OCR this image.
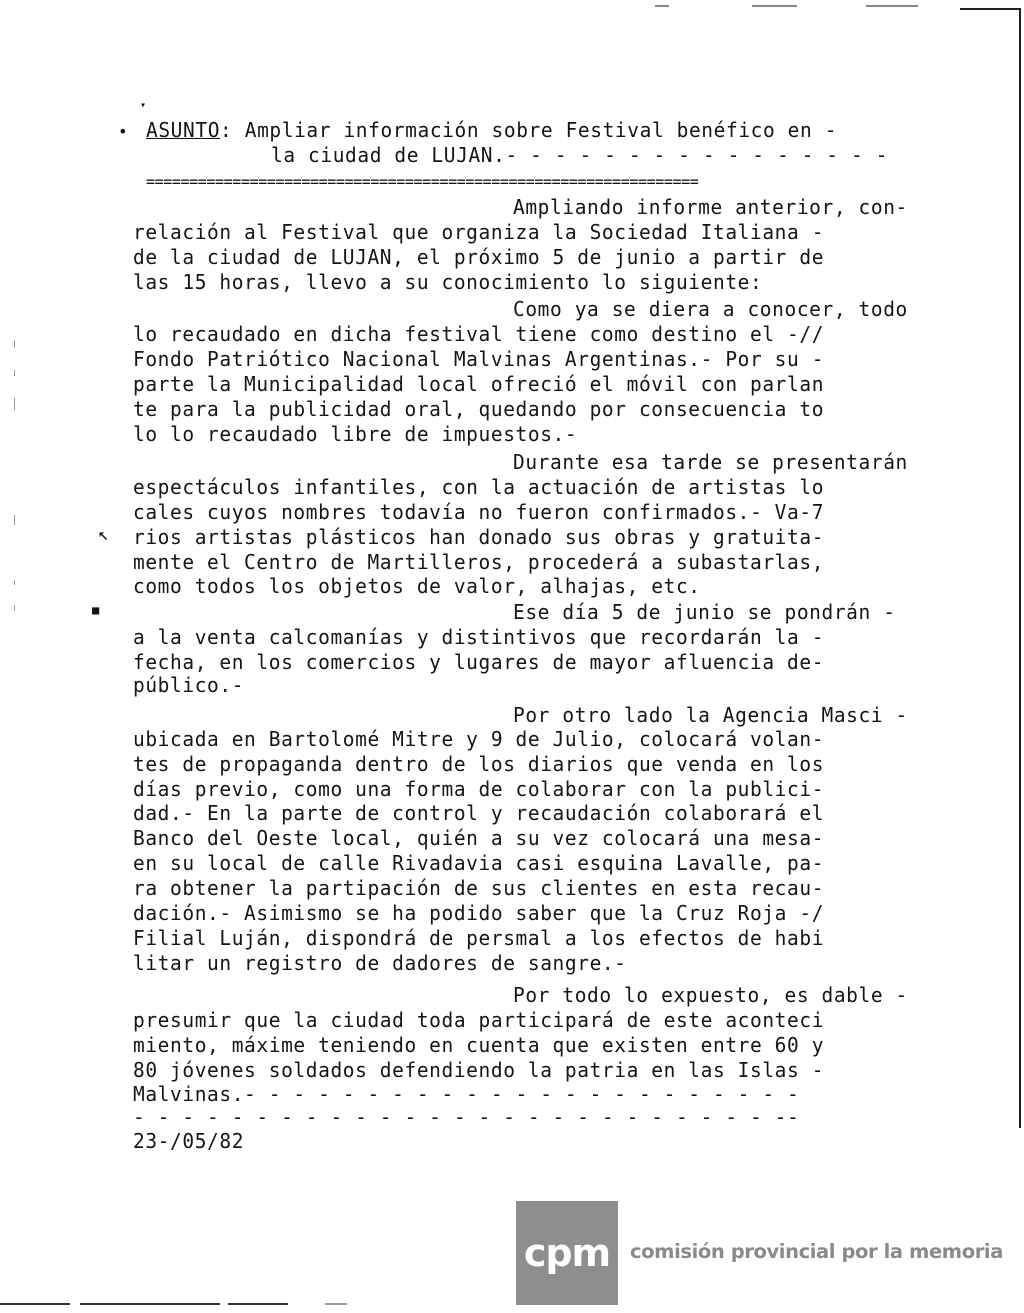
•
▾
↖
■
ASUNTO: Ampliar información sobre Festival benéfico en -
la ciudad de LUJAN.- - - - - - - - - - - - - - - -
================================================================
Ampliando informe anterior, con-
relación al Festival que organiza la Sociedad Italiana -
de la ciudad de LUJAN, el próximo 5 de junio a partir de
las 15 horas, llevo a su conocimiento lo siguiente:
Como ya se diera a conocer, todo
lo recaudado en dicha festival tiene como destino el -//
Fondo Patriótico Nacional Malvinas Argentinas.- Por su -
parte la Municipalidad local ofreció el móvil con parlan
te para la publicidad oral, quedando por consecuencia to
lo lo recaudado libre de impuestos.-
Durante esa tarde se presentarán
espectáculos infantiles, con la actuación de artistas lo
cales cuyos nombres todavía no fueron confirmados.- Va-7
rios artistas plásticos han donado sus obras y gratuita-
mente el Centro de Martilleros, procederá a subastarlas,
como todos los objetos de valor, alhajas, etc.
Ese día 5 de junio se pondrán -
a la venta calcomanías y distintivos que recordarán la -
fecha, en los comercios y lugares de mayor afluencia de-
público.-
Por otro lado la Agencia Masci -
ubicada en Bartolomé Mitre y 9 de Julio, colocará volan-
tes de propaganda dentro de los diarios que venda en los
días previo, como una forma de colaborar con la publici-
dad.- En la parte de control y recaudación colaborará el
Banco del Oeste local, quién a su vez colocará una mesa-
en su local de calle Rivadavia casi esquina Lavalle, pa-
ra obtener la partipación de sus clientes en esta recau-
dación.- Asimismo se ha podido saber que la Cruz Roja -/
Filial Luján, dispondrá de persmal a los efectos de habi
litar un registro de dadores de sangre.-
Por todo lo expuesto, es dable -
presumir que la ciudad toda participará de este aconteci
miento, máxime teniendo en cuenta que existen entre 60 y
80 jóvenes soldados defendiendo la patria en las Islas -
Malvinas.- - - - - - - - - - - - - - - - - - - - - - -
- - - - - - - - - - - - - - - - - - - - - - - - - - --
23-/05/82
cpm	comisión provincial por la memoria
